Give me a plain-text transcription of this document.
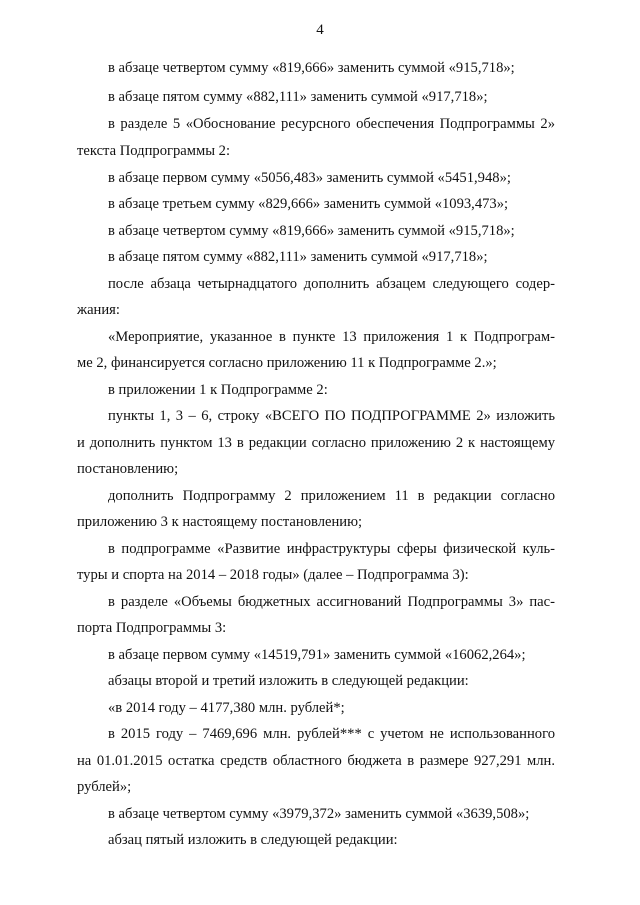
4
в абзаце четвертом сумму «819,666» заменить суммой «915,718»;
в абзаце пятом сумму «882,111» заменить суммой «917,718»;
в разделе 5 «Обоснование ресурсного обеспечения Подпрограммы 2»
текста Подпрограммы 2:
в абзаце первом сумму «5056,483» заменить суммой «5451,948»;
в абзаце третьем сумму «829,666» заменить суммой «1093,473»;
в абзаце четвертом сумму «819,666» заменить суммой «915,718»;
в абзаце пятом сумму «882,111» заменить суммой «917,718»;
после абзаца четырнадцатого дополнить абзацем следующего содер-
жания:
«Мероприятие, указанное в пункте 13 приложения 1 к Подпрограм-
ме 2, финансируется согласно приложению 11 к Подпрограмме 2.»;
в приложении 1 к Подпрограмме 2:
пункты 1, 3 – 6, строку «ВСЕГО ПО ПОДПРОГРАММЕ 2» изложить
и дополнить пунктом 13 в редакции согласно приложению 2 к настоящему
постановлению;
дополнить Подпрограмму 2 приложением 11 в редакции согласно
приложению 3 к настоящему постановлению;
в подпрограмме «Развитие инфраструктуры сферы физической куль-
туры и спорта на 2014 – 2018 годы» (далее – Подпрограмма 3):
в разделе «Объемы бюджетных ассигнований Подпрограммы 3» пас-
порта Подпрограммы 3:
в абзаце первом сумму «14519,791» заменить суммой «16062,264»;
абзацы второй и третий изложить в следующей редакции:
«в 2014 году – 4177,380 млн. рублей*;
в 2015 году – 7469,696 млн. рублей*** с учетом не использованного
на 01.01.2015 остатка средств областного бюджета в размере 927,291 млн.
рублей»;
в абзаце четвертом сумму «3979,372» заменить суммой «3639,508»;
абзац пятый изложить в следующей редакции:
